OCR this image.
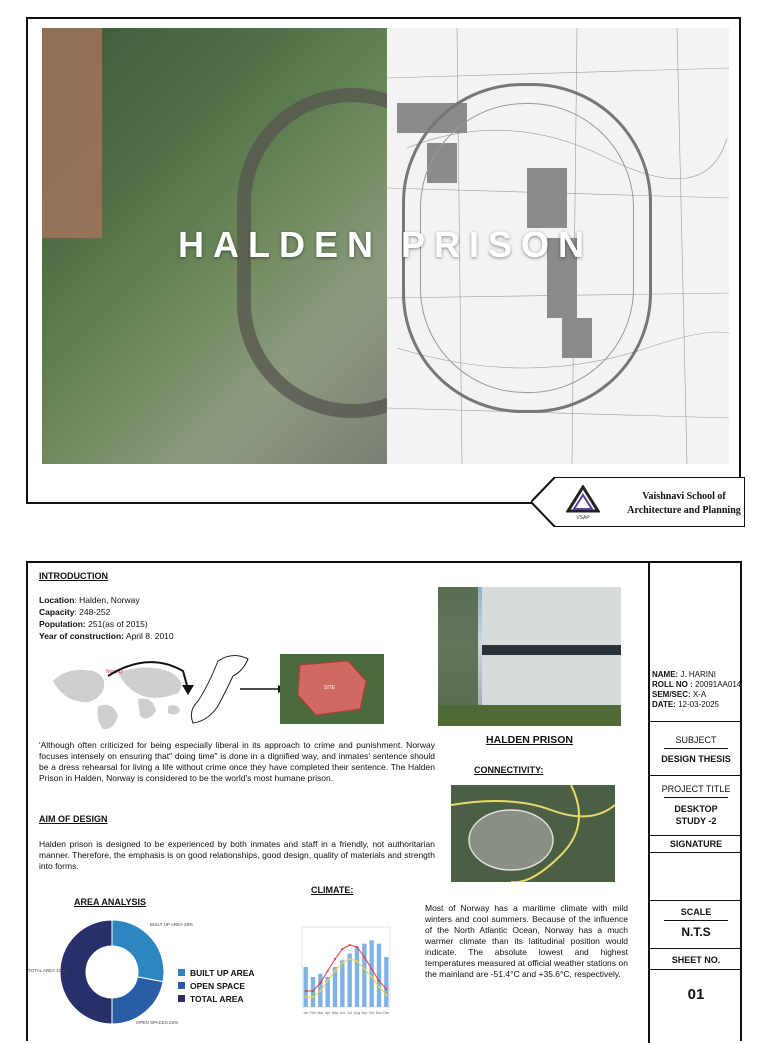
HALDEN PRISON
VSAP
Vaishnavi School of Architecture and Planning
INTRODUCTION
Location: Halden, Norway
Capacity: 248-252
Population: 251(as of 2015)
Year of construction: April 8. 2010
Norway
SITE
'Although often criticized for being especially liberal in its approach to crime and punishment. Norway focuses intensely on ensuring that" doing time" is done in a dignified way, and inmates' sentence should be a dress rehearsal for living a life without crime once they have completed their sentence. The Halden Prison in Halden, Norway is considered to be the world's most humane prison.
AIM OF DESIGN
Halden prison is designed to be experienced by both inmates and staff in a friendly, not authoritarian manner. Therefore, the emphasis is on good relationships, good design, quality of materials and strength into forms.
AREA ANALYSIS
BUILT UP AREA 28%
TOTAL AREA 100%
OPEN SPACES 22%
BUILT UP AREA
OPEN SPACE
TOTAL AREA
CLIMATE:
Jan Feb Mar Apr May Jun Jul Aug Sep Oct Nov Dec
Most of Norway has a maritime climate with mild winters and cool summers. Because of the influence of the North Atlantic Ocean, Norway has a much warmer climate than its latitudinal position would indicate. The absolute lowest and highest temperatures measured at official weather stations on the mainland are -51.4°C and +35.6°C, respectively.
HALDEN PRISON
CONNECTIVITY:
NAME: J. HARINI
ROLL NO : 20091AA014
SEM/SEC: X-A
DATE: 12-03-2025
SUBJECT
DESIGN THESIS
PROJECT TITLE
DESKTOP
STUDY -2
SIGNATURE
SCALE
N.T.S
SHEET NO.
01
